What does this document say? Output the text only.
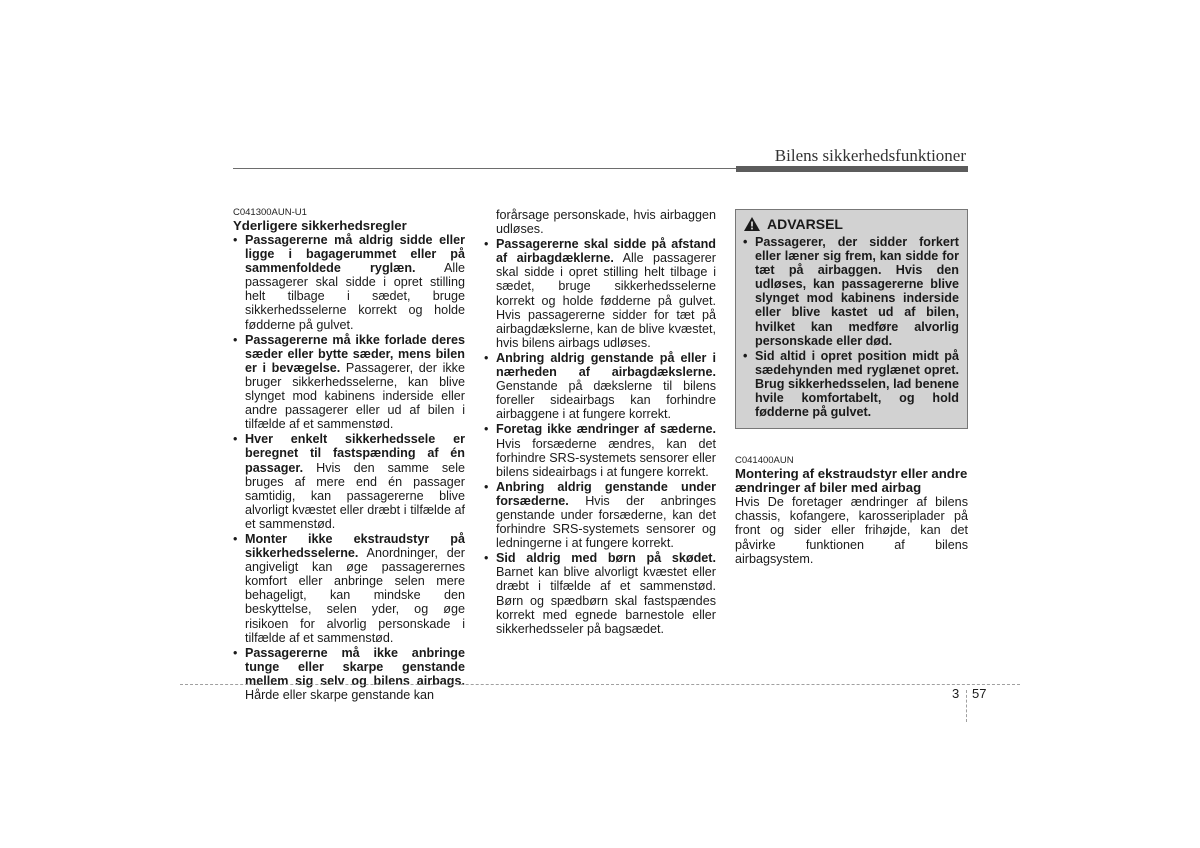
Bilens sikkerhedsfunktioner

C041300AUN-U1

Yderligere sikkerhedsregler

• Passagererne må aldrig sidde eller ligge i bagagerummet eller på sammenfoldede ryglæn. Alle passagerer skal sidde i opret stilling helt tilbage i sædet, bruge sikkerhedsselerne korrekt og holde fødderne på gulvet.
• Passagererne må ikke forlade deres sæder eller bytte sæder, mens bilen er i bevægelse. Passagerer, der ikke bruger sikkerhedsselerne, kan blive slynget mod kabinens inderside eller andre passagerer eller ud af bilen i tilfælde af et sammenstød.
• Hver enkelt sikkerhedssele er beregnet til fastspænding af én passager. Hvis den samme sele bruges af mere end én passager samtidig, kan passagererne blive alvorligt kvæstet eller dræbt i tilfælde af et sammenstød.
• Monter ikke ekstraudstyr på sikkerhedsselerne. Anordninger, der angiveligt kan øge passagerernes komfort eller anbringe selen mere behageligt, kan mindske den beskyttelse, selen yder, og øge risikoen for alvorlig personskade i tilfælde af et sammenstød.
• Passagererne må ikke anbringe tunge eller skarpe genstande mellem sig selv og bilens airbags. Hårde eller skarpe genstande kan

forårsage personskade, hvis airbaggen udløses.

• Passagererne skal sidde på afstand af airbagdæklerne. Alle passagerer skal sidde i opret stilling helt tilbage i sædet, bruge sikkerhedsselerne korrekt og holde fødderne på gulvet. Hvis passagererne sidder for tæt på airbagdækslerne, kan de blive kvæstet, hvis bilens airbags udløses.
• Anbring aldrig genstande på eller i nærheden af airbagdækslerne. Genstande på dækslerne til bilens foreller sideairbags kan forhindre airbaggene i at fungere korrekt.
• Foretag ikke ændringer af sæderne. Hvis forsæderne ændres, kan det forhindre SRS-systemets sensorer eller bilens sideairbags i at fungere korrekt.
• Anbring aldrig genstande under forsæderne. Hvis der anbringes genstande under forsæderne, kan det forhindre SRS-systemets sensorer og ledningerne i at fungere korrekt.
• Sid aldrig med børn på skødet. Barnet kan blive alvorligt kvæstet eller dræbt i tilfælde af et sammenstød. Børn og spædbørn skal fastspændes korrekt med egnede barnestole eller sikkerhedsseler på bagsædet.
ADVARSEL
• Passagerer, der sidder forkert eller læner sig frem, kan sidde for tæt på airbaggen. Hvis den udløses, kan passagererne blive slynget mod kabinens inderside eller blive kastet ud af bilen, hvilket kan medføre alvorlig personskade eller død.
• Sid altid i opret position midt på sædehynden med ryglænet opret. Brug sikkerhedsselen, lad benene hvile komfortabelt, og hold fødderne på gulvet.

C041400AUN

Montering af ekstraudstyr eller andre ændringer af biler med airbag

Hvis De foretager ændringer af bilens chassis, kofangere, karosseriplader på front og sider eller frihøjde, kan det påvirke funktionen af bilens airbagsystem.

3 57
